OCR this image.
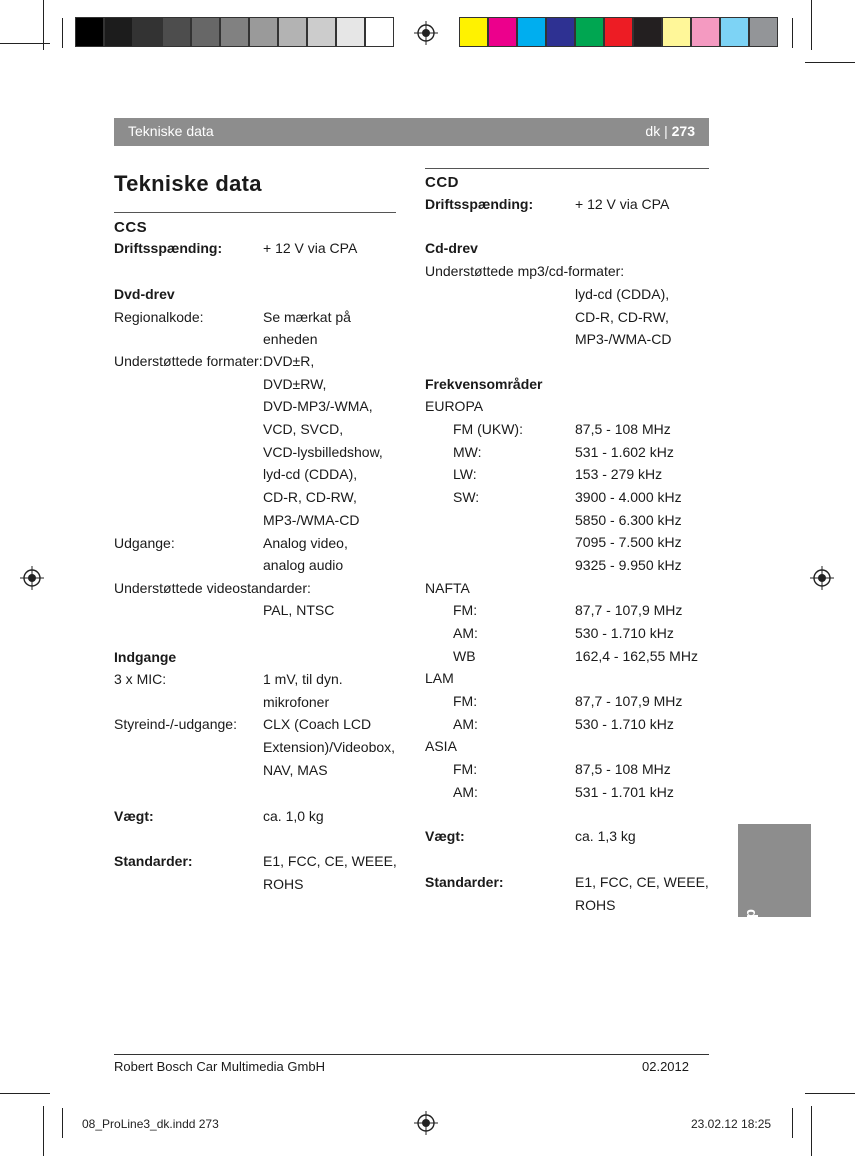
Tekniske data	dk | 273
Tekniske data
CCS
Driftsspænding:	+ 12 V via CPA
Dvd-drev
Regionalkode:	Se mærkat på
enheden
Understøttede formater: DVD±R,
DVD±RW,
DVD-MP3/-WMA,
VCD, SVCD,
VCD-lysbilledshow,
lyd-cd (CDDA),
CD-R, CD-RW,
MP3-/WMA-CD
Udgange:	Analog video,
analog audio
Understøttede videostandarder:
PAL, NTSC
Indgange
3 x MIC:	1 mV, til dyn.
mikrofoner
Styreind-/-udgange: CLX (Coach LCD
Extension)/Videobox,
NAV, MAS
Vægt:	ca. 1,0 kg
Standarder:	E1, FCC, CE, WEEE,
ROHS
CCD
Driftsspænding:	+ 12 V via CPA
Cd-drev
Understøttede mp3/cd-formater:
lyd-cd (CDDA),
CD-R, CD-RW,
MP3-/WMA-CD
Frekvensområder
EUROPA
FM (UKW):	87,5 - 108 MHz
MW:	531 - 1.602 kHz
LW:	153 - 279 kHz
SW:	3900 - 4.000 kHz
5850 - 6.300 kHz
7095 - 7.500 kHz
9325 - 9.950 kHz
NAFTA
FM:	87,7 - 107,9 MHz
AM:	530 - 1.710 kHz
WB	162,4 - 162,55 MHz
LAM
FM:	87,7 - 107,9 MHz
AM:	530 - 1.710 kHz
ASIA
FM:	87,5 - 108 MHz
AM:	531 - 1.701 kHz
Vægt:	ca. 1,3 kg
Standarder:	E1, FCC, CE, WEEE,
ROHS
dk
Robert Bosch Car Multimedia GmbH	02.2012
08_ProLine3_dk.indd 273	23.02.12 18:25
